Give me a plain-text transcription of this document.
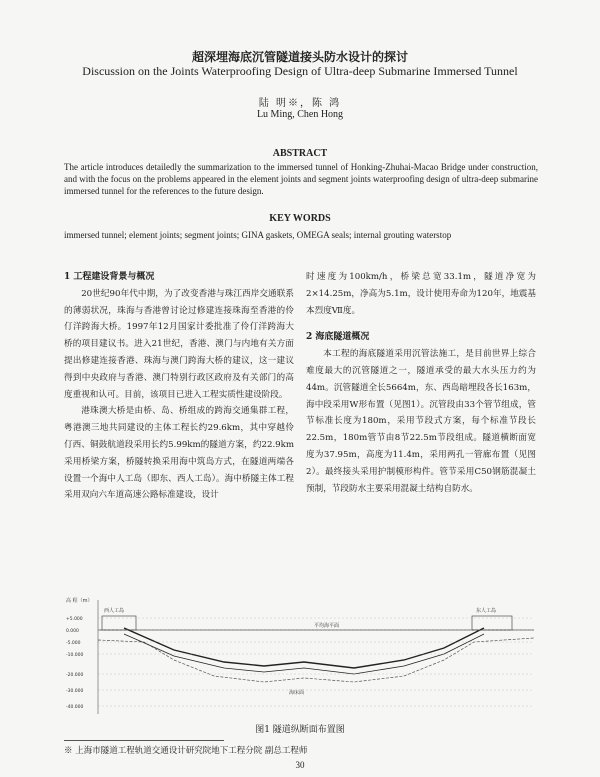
超深埋海底沉管隧道接头防水设计的探讨
Discussion on the Joints Waterproofing Design of Ultra-deep Submarine Immersed Tunnel
陆 明※，陈 鸿
Lu Ming, Chen Hong
ABSTRACT
The article introduces detailedly the summarization to the immersed tunnel of Honking-Zhuhai-Macao Bridge under construction, and with the focus on the problems appeared in the element joints and segment joints waterproofing design of ultra-deep submarine immersed tunnel for the references to the future design.
KEY WORDS
immersed tunnel; element joints; segment joints; GINA gaskets, OMEGA seals; internal grouting waterstop
1 工程建设背景与概况

20世纪90年代中期，为了改变香港与珠江西岸交通联系的薄弱状况，珠海与香港曾讨论过修建连接珠海至香港的伶仃洋跨海大桥。1997年12月国家计委批准了伶仃洋跨海大桥的项目建议书。进入21世纪，香港、澳门与内地有关方面提出修建连接香港、珠海与澳门跨海大桥的建议，这一建议得到中央政府与香港、澳门特别行政区政府及有关部门的高度重视和认可。目前，该项目已进入工程实质性建设阶段。

港珠澳大桥是由桥、岛、桥组成的跨海交通集群工程，粤港澳三地共同建设的主体工程长约29.6km，其中穿越伶仃西、铜鼓航道段采用长约5.99km的隧道方案，约22.9km采用桥梁方案，桥隧转换采用海中筑岛方式，在隧道两端各设置一个海中人工岛（即东、西人工岛）。海中桥隧主体工程采用双向六车道高速公路标准建设，设计

时速度为100km/h，桥梁总宽33.1m，隧道净宽为2×14.25m，净高为5.1m，设计使用寿命为120年，地震基本烈度Ⅶ度。

2 海底隧道概况

本工程的海底隧道采用沉管法施工，是目前世界上综合难度最大的沉管隧道之一，隧道承受的最大水头压力约为44m。沉管隧道全长5664m，东、西岛暗埋段各长163m，海中段采用W形布置（见图1）。沉管段由33个管节组成，管节标准长度为180m，采用节段式方案，每个标准节段长22.5m，180m管节由8节22.5m节段组成。隧道横断面宽度为37.95m，高度为11.4m，采用两孔一管廊布置（见图2）。最终接头采用护制模形构件。管节采用C50钢筋混凝土预制，节段防水主要采用混凝土结构自防水。

高 程（m）
+5.000
0.000
-5.000
-10.000
-20.000
-30.000
-40.000
平均海平面
海床面
西人工岛	东人工岛
图1 隧道纵断面布置图
※ 上海市隧道工程轨道交通设计研究院地下工程分院 副总工程师
30
